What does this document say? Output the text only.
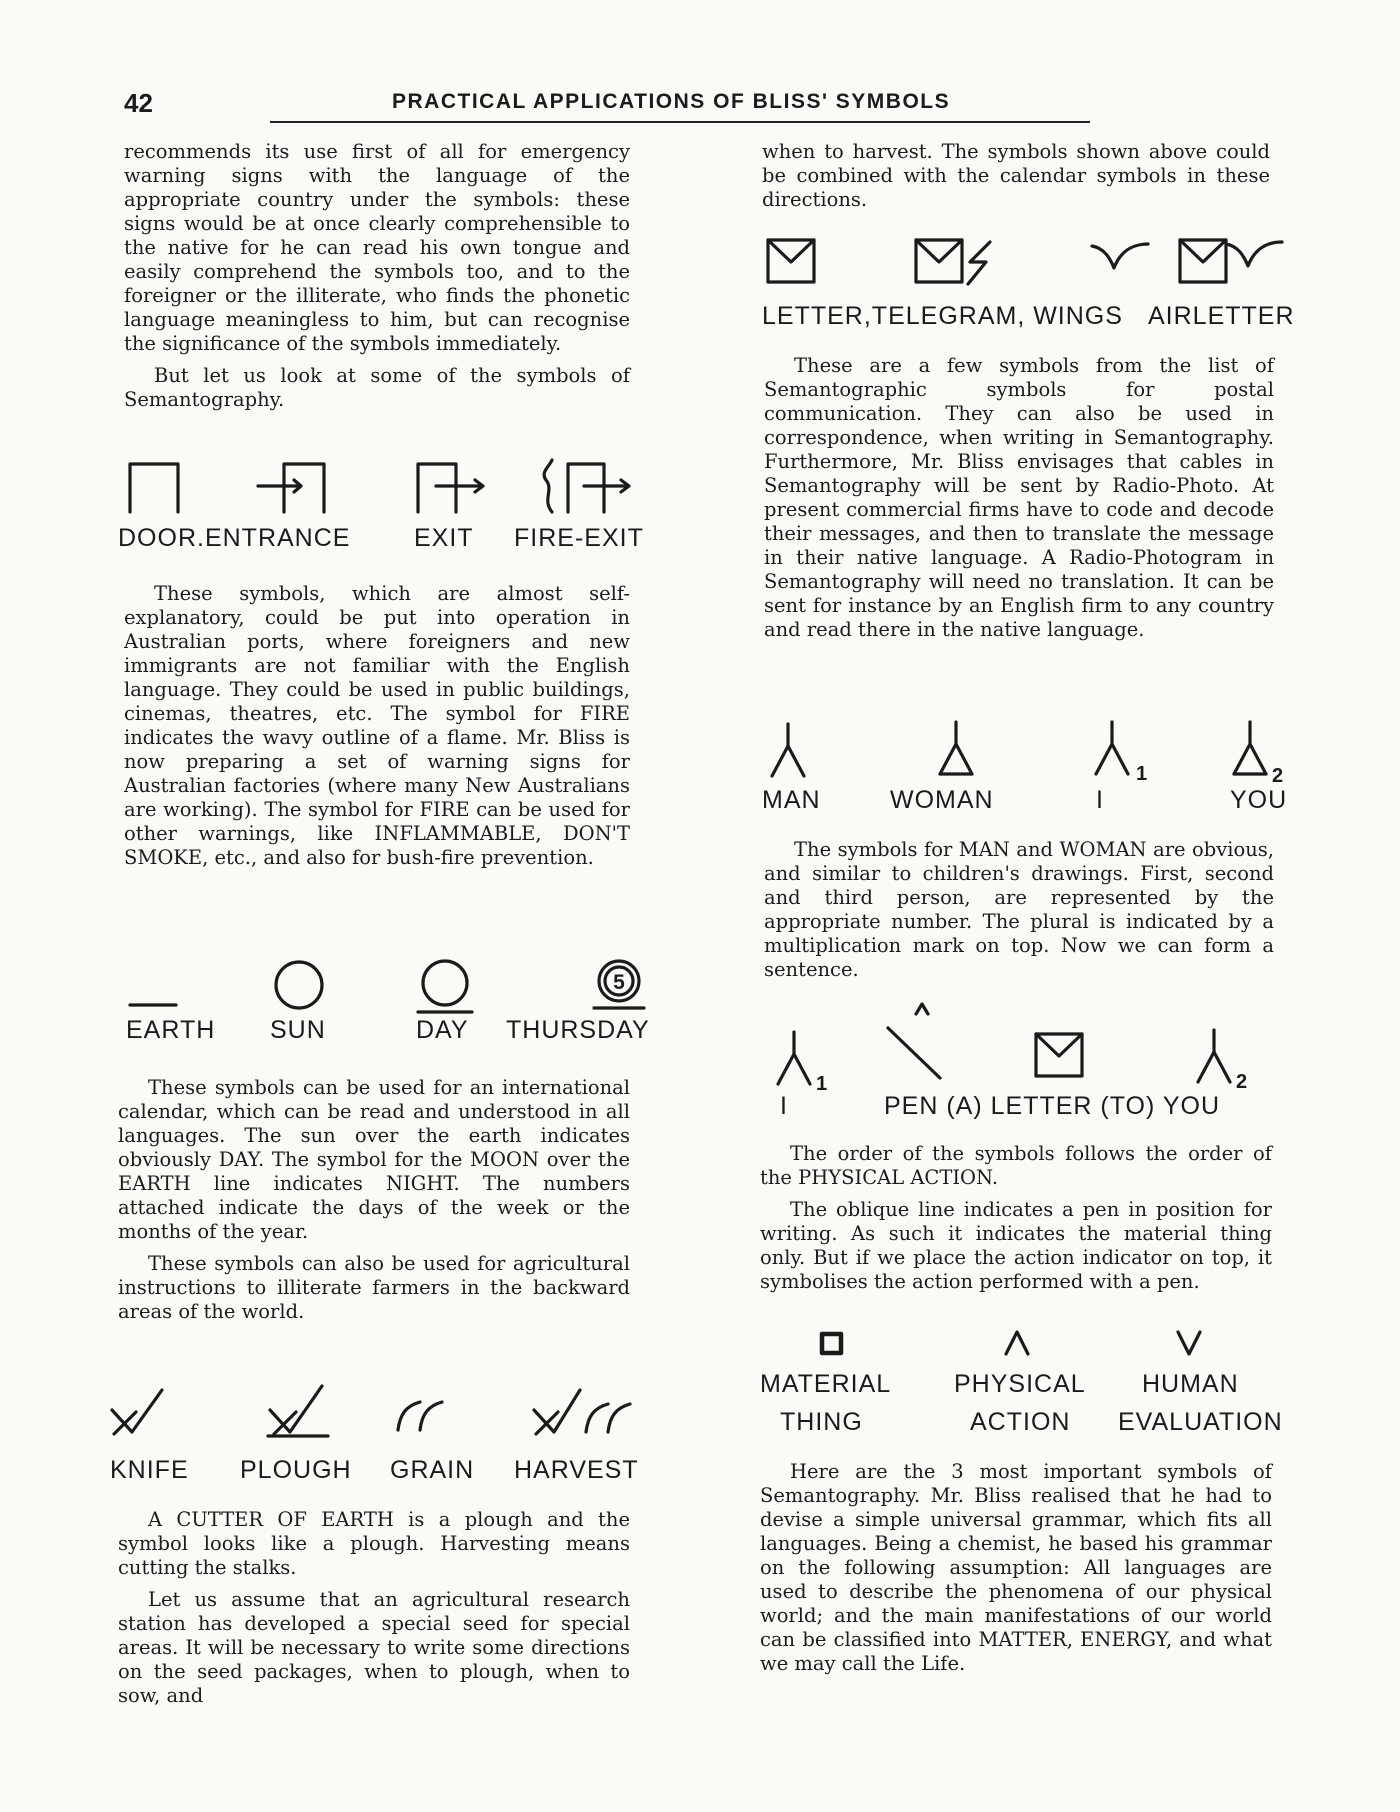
42	PRACTICAL APPLICATIONS OF BLISS' SYMBOLS

recommends its use first of all for emergency warning signs with the language of the appropriate country under the symbols: these signs would be at once clearly comprehensible to the native for he can read his own tongue and easily comprehend the symbols too, and to the foreigner or the illiterate, who finds the phonetic language meaningless to him, but can recognise the significance of the symbols immediately.

But let us look at some of the symbols of Semantography.

DOOR.ENTRANCE	EXIT FIRE-EXIT

These symbols, which are almost self-explanatory, could be put into operation in Australian ports, where foreigners and new immigrants are not familiar with the English language. They could be used in public buildings, cinemas, theatres, etc. The symbol for FIRE indicates the wavy outline of a flame. Mr. Bliss is now preparing a set of warning signs for Australian factories (where many New Australians are working). The symbol for FIRE can be used for other warnings, like INFLAMMABLE, DON'T SMOKE, etc., and also for bush-fire prevention.

5
EARTH SUN	DAY THURSDAY

These symbols can be used for an international calendar, which can be read and understood in all languages. The sun over the earth indicates obviously DAY. The symbol for the MOON over the EARTH line indicates NIGHT. The numbers attached indicate the days of the week or the months of the year.

These symbols can also be used for agricultural instructions to illiterate farmers in the backward areas of the world.

KNIFE PLOUGH GRAIN HARVEST

A CUTTER OF EARTH is a plough and the symbol looks like a plough. Harvesting means cutting the stalks.

Let us assume that an agricultural research station has developed a special seed for special areas. It will be necessary to write some directions on the seed packages, when to plough, when to sow, and

when to harvest. The symbols shown above could be combined with the calendar symbols in these directions.

LETTER,TELEGRAM, WINGS AIRLETTER

These are a few symbols from the list of Semantographic symbols for postal communication. They can also be used in correspondence, when writing in Semantography. Furthermore, Mr. Bliss envisages that cables in Semantography will be sent by Radio-Photo. At present commercial firms have to code and decode their messages, and then to translate the message in their native language. A Radio-Photogram in Semantography will need no translation. It can be sent for instance by an English firm to any country and read there in the native language.

1	2
MAN	WOMAN	I	YOU

The symbols for MAN and WOMAN are obvious, and similar to children's drawings. First, second and third person, are represented by the appropriate number. The plural is indicated by a multiplication mark on top. Now we can form a sentence.

1	2
I	PEN (A) LETTER (TO) YOU

The order of the symbols follows the order of the PHYSICAL ACTION.

The oblique line indicates a pen in position for writing. As such it indicates the material thing only. But if we place the action indicator on top, it symbolises the action performed with a pen.

MATERIAL
THING
PHYSICAL
ACTION
HUMAN
EVALUATION

Here are the 3 most important symbols of Semantography. Mr. Bliss realised that he had to devise a simple universal grammar, which fits all languages. Being a chemist, he based his grammar on the following assumption: All languages are used to describe the phenomena of our physical world; and the main manifestations of our world can be classified into MATTER, ENERGY, and what we may call the Life.
